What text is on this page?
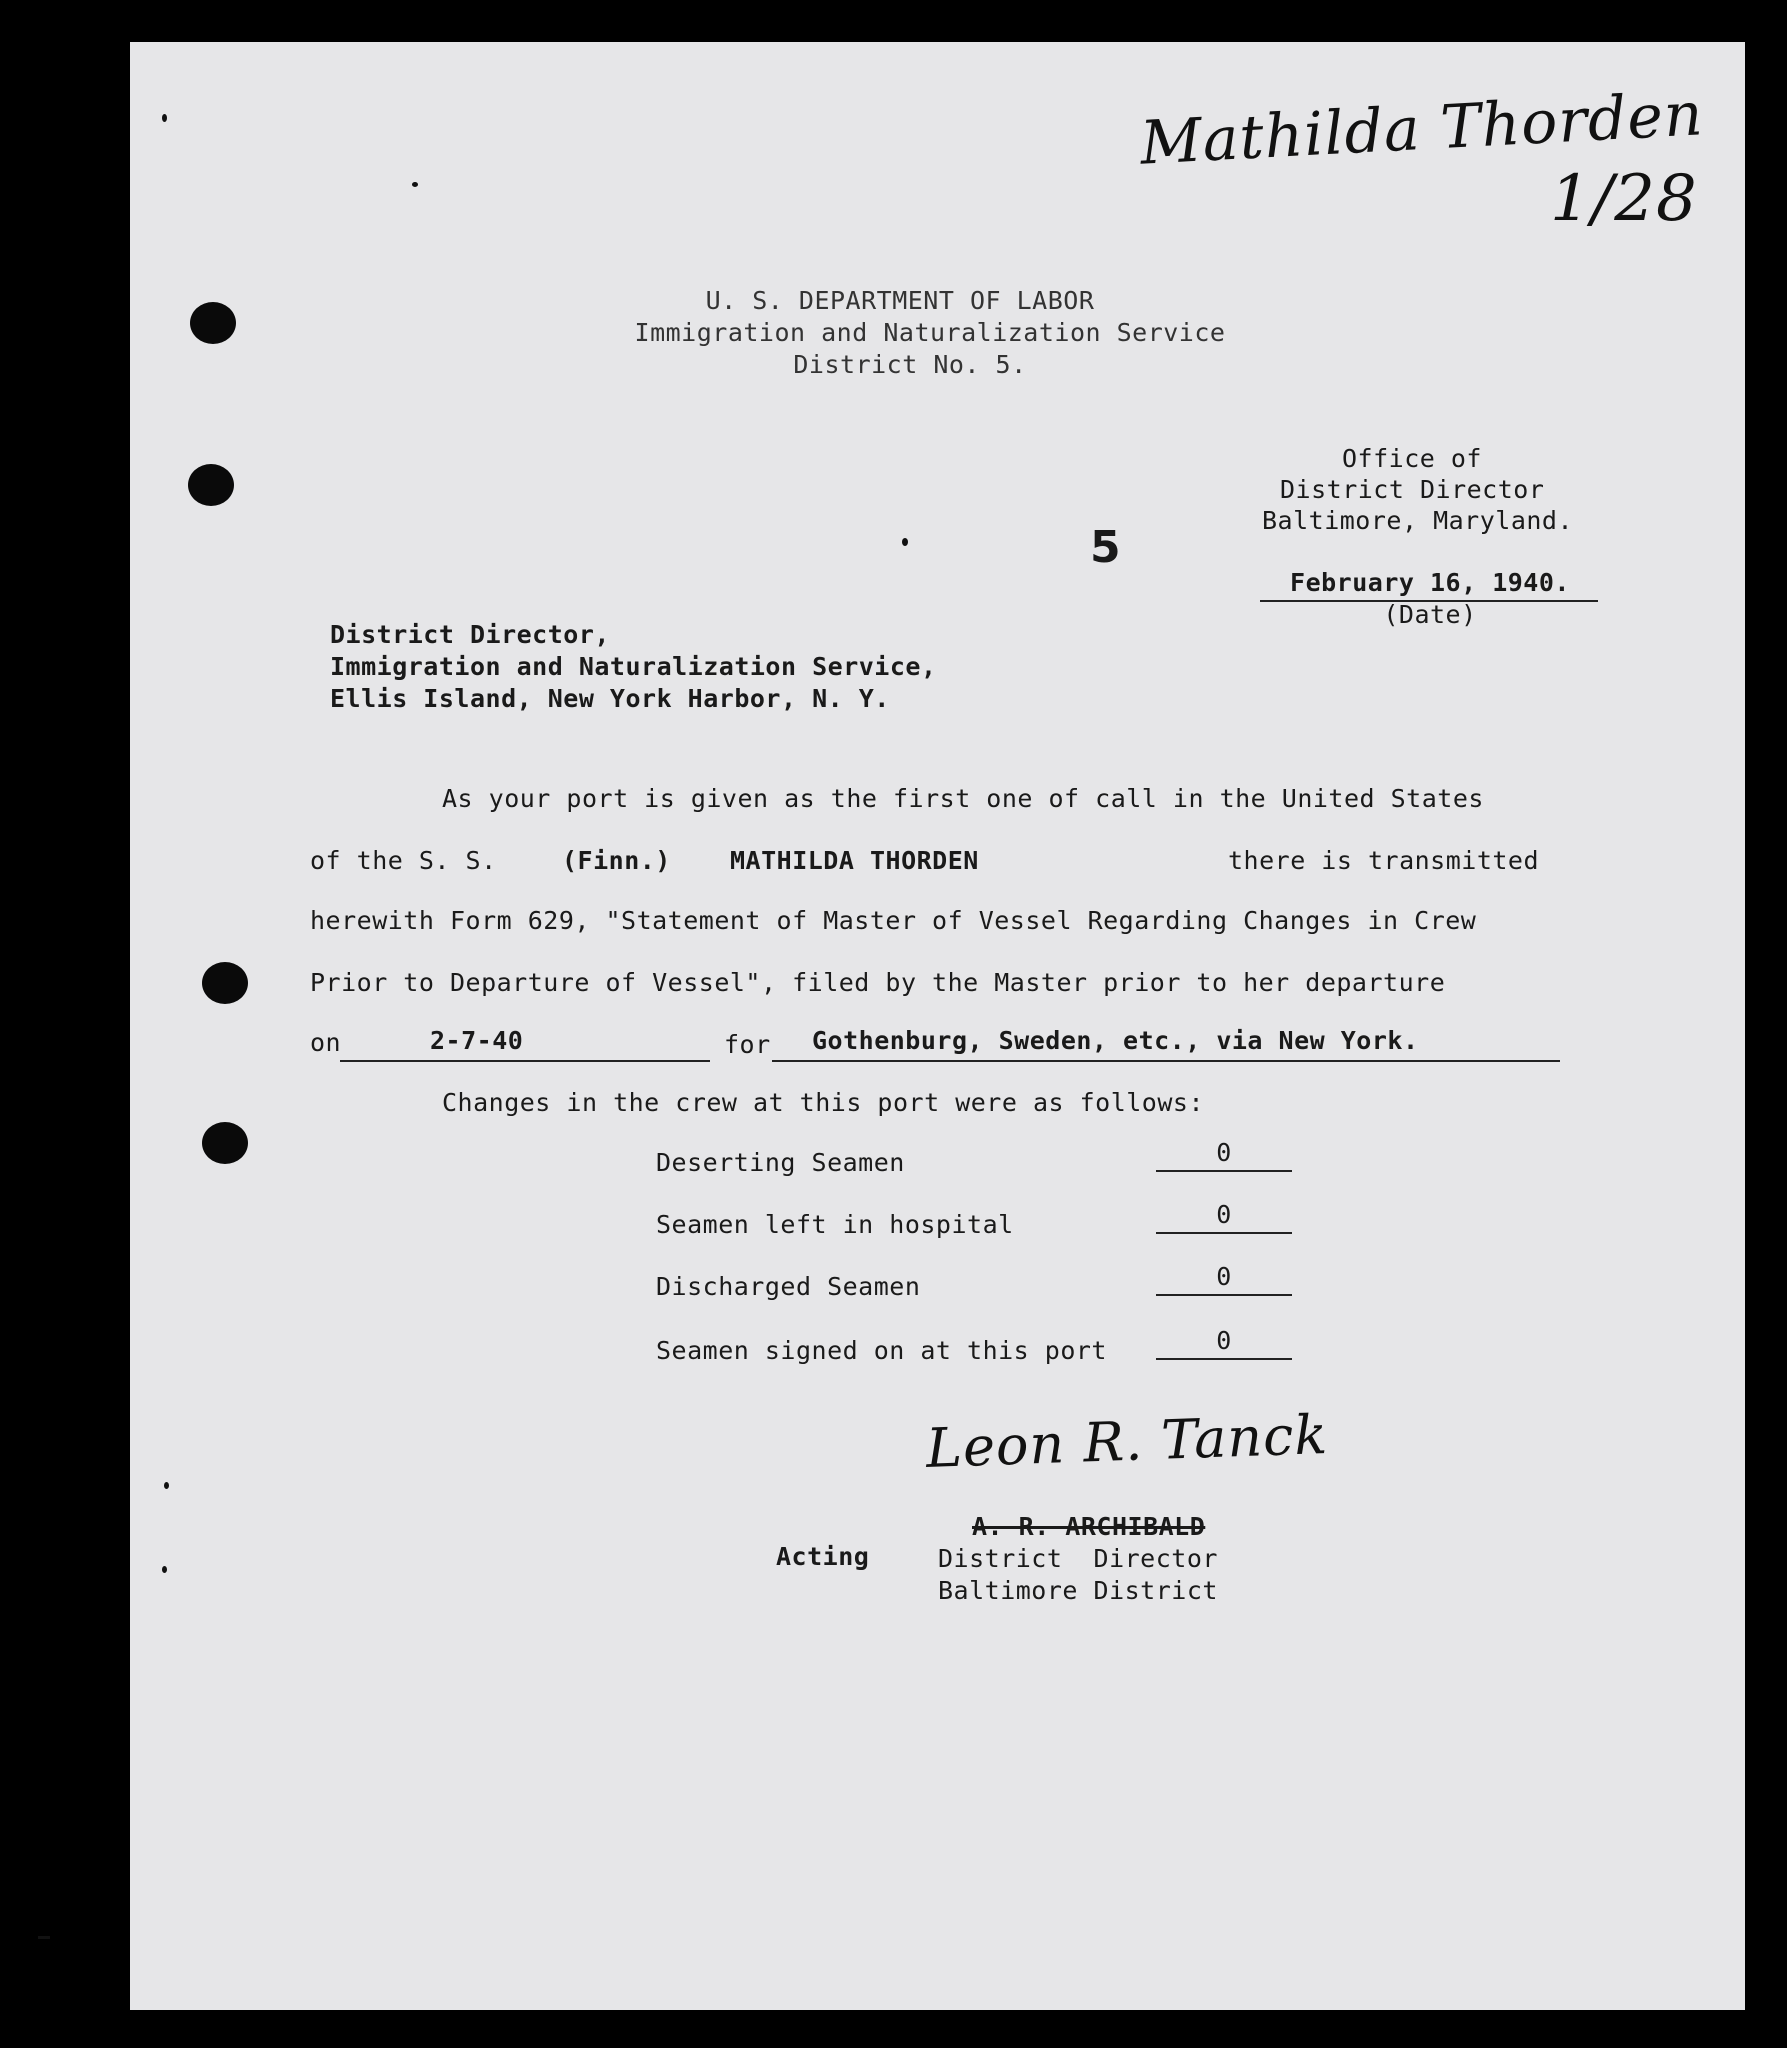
Mathilda Thorden
1/28
U. S. DEPARTMENT OF LABOR
Immigration and Naturalization Service
District No. 5.
Office of
District Director
Baltimore, Maryland.
5
February 16, 1940.
(Date)
District Director,
Immigration and Naturalization Service,
Ellis Island, New York Harbor, N. Y.
As your port is given as the first one of call in the United States
of the S. S.	(Finn.) MATHILDA THORDEN	there is transmitted
herewith Form 629, "Statement of Master of Vessel Regarding Changes in Crew
Prior to Departure of Vessel", filed by the Master prior to her departure
on	2-7-40	for Gothenburg, Sweden, etc., via New York.
Changes in the crew at this port were as follows:
Deserting Seamen	0
Seamen left in hospital	0
Discharged Seamen	0
Seamen signed on at this port	0
Leon R. Tanck
A. R. ARCHIBALD
Acting	District  Director
Baltimore District
